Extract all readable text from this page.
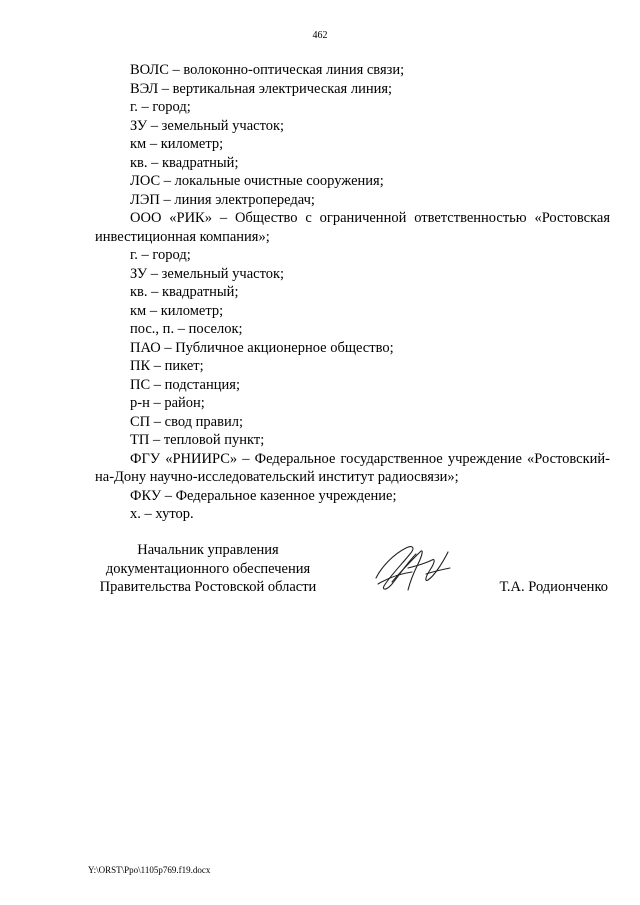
462
ВОЛС – волоконно-оптическая линия связи;
ВЭЛ – вертикальная электрическая линия;
г. – город;
ЗУ – земельный участок;
км – километр;
кв. – квадратный;
ЛОС – локальные очистные сооружения;
ЛЭП – линия электропередач;
ООО «РИК» – Общество с ограниченной ответственностью «Ростовская инвестиционная компания»;
г. – город;
ЗУ – земельный участок;
кв. – квадратный;
км – километр;
пос., п. – поселок;
ПАО – Публичное акционерное общество;
ПК – пикет;
ПС – подстанция;
р-н – район;
СП – свод правил;
ТП – тепловой пункт;
ФГУ «РНИИРС» – Федеральное государственное учреждение «Ростовский-на-Дону научно-исследовательский институт радиосвязи»;
ФКУ – Федеральное казенное учреждение;
х. – хутор.
Начальник управления
документационного обеспечения
Правительства Ростовской области	Т.А. Родионченко
Y:\ORST\Ppo\1105p769.f19.docx
